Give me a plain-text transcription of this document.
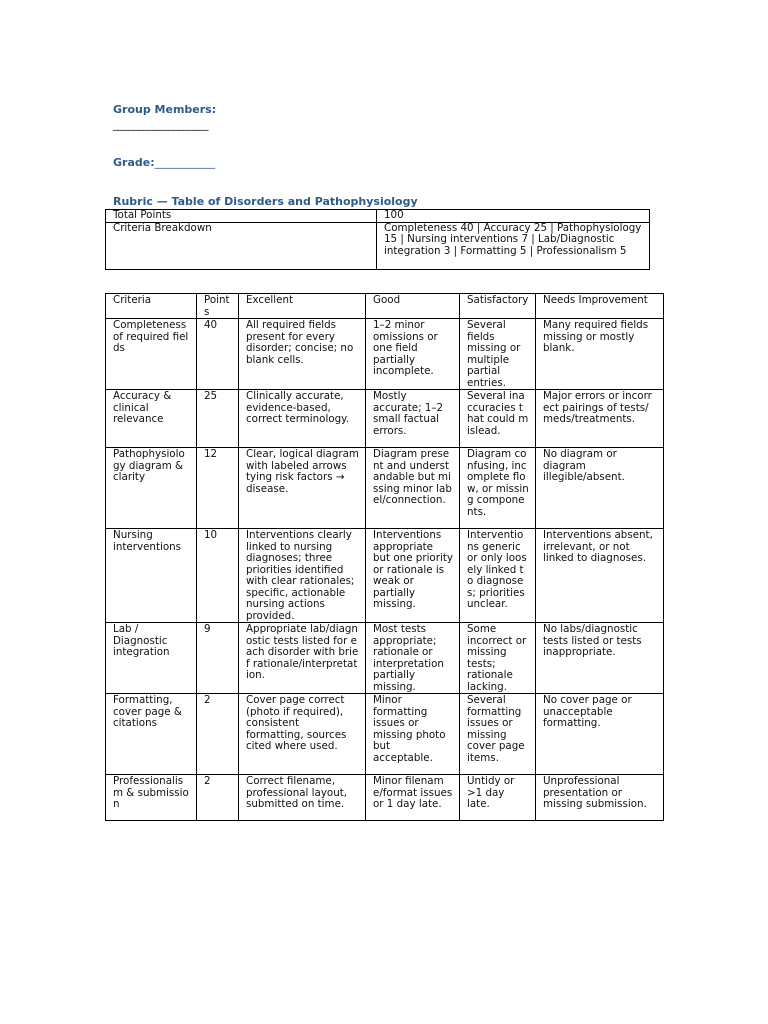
Group Members:
___________________
Grade:____________
Rubric — Table of Disorders and Pathophysiology
Total Points	100
Criteria Breakdown	Completeness 40 | Accuracy 25 | Pathophysiology 15 | Nursing interventions 7 | Lab/Diagnostic integration 3 | Formatting 5 | Professionalism 5
Criteria	Points	Excellent	Good	Satisfactory	Needs Improvement
Completeness of required fields	40	All required fields present for every disorder; concise; no blank cells.	1–2 minor omissions or one field partially incomplete.	Several fields missing or multiple partial entries.	Many required fields missing or mostly blank.
Accuracy & clinical relevance	25	Clinically accurate, evidence-based, correct terminology.	Mostly accurate; 1–2 small factual errors.	Several inaccuracies that could mislead.	Major errors or incorrect pairings of tests/meds/treatments.
Pathophysiology diagram & clarity	12	Clear, logical diagram with labeled arrows tying risk factors → disease.	Diagram present and understandable but missing minor label/connection.	Diagram confusing, incomplete flow, or missing components.	No diagram or diagram illegible/absent.
Nursing interventions	10	Interventions clearly linked to nursing diagnoses; three priorities identified with clear rationales; specific, actionable nursing actions provided.	Interventions appropriate but one priority or rationale is weak or partially missing.	Interventions generic or only loosely linked to diagnoses; priorities unclear.	Interventions absent, irrelevant, or not linked to diagnoses.
Lab / Diagnostic integration	9	Appropriate lab/diagnostic tests listed for each disorder with brief rationale/interpretation.	Most tests appropriate; rationale or interpretation partially missing.	Some incorrect or missing tests; rationale lacking.	No labs/diagnostic tests listed or tests inappropriate.
Formatting, cover page & citations	2	Cover page correct (photo if required), consistent formatting, sources cited where used.	Minor formatting issues or missing photo but acceptable.	Several formatting issues or missing cover page items.	No cover page or unacceptable formatting.
Professionalism & submission	2	Correct filename, professional layout, submitted on time.	Minor filename/format issues or 1 day late.	Untidy or >1 day late.	Unprofessional presentation or missing submission.
